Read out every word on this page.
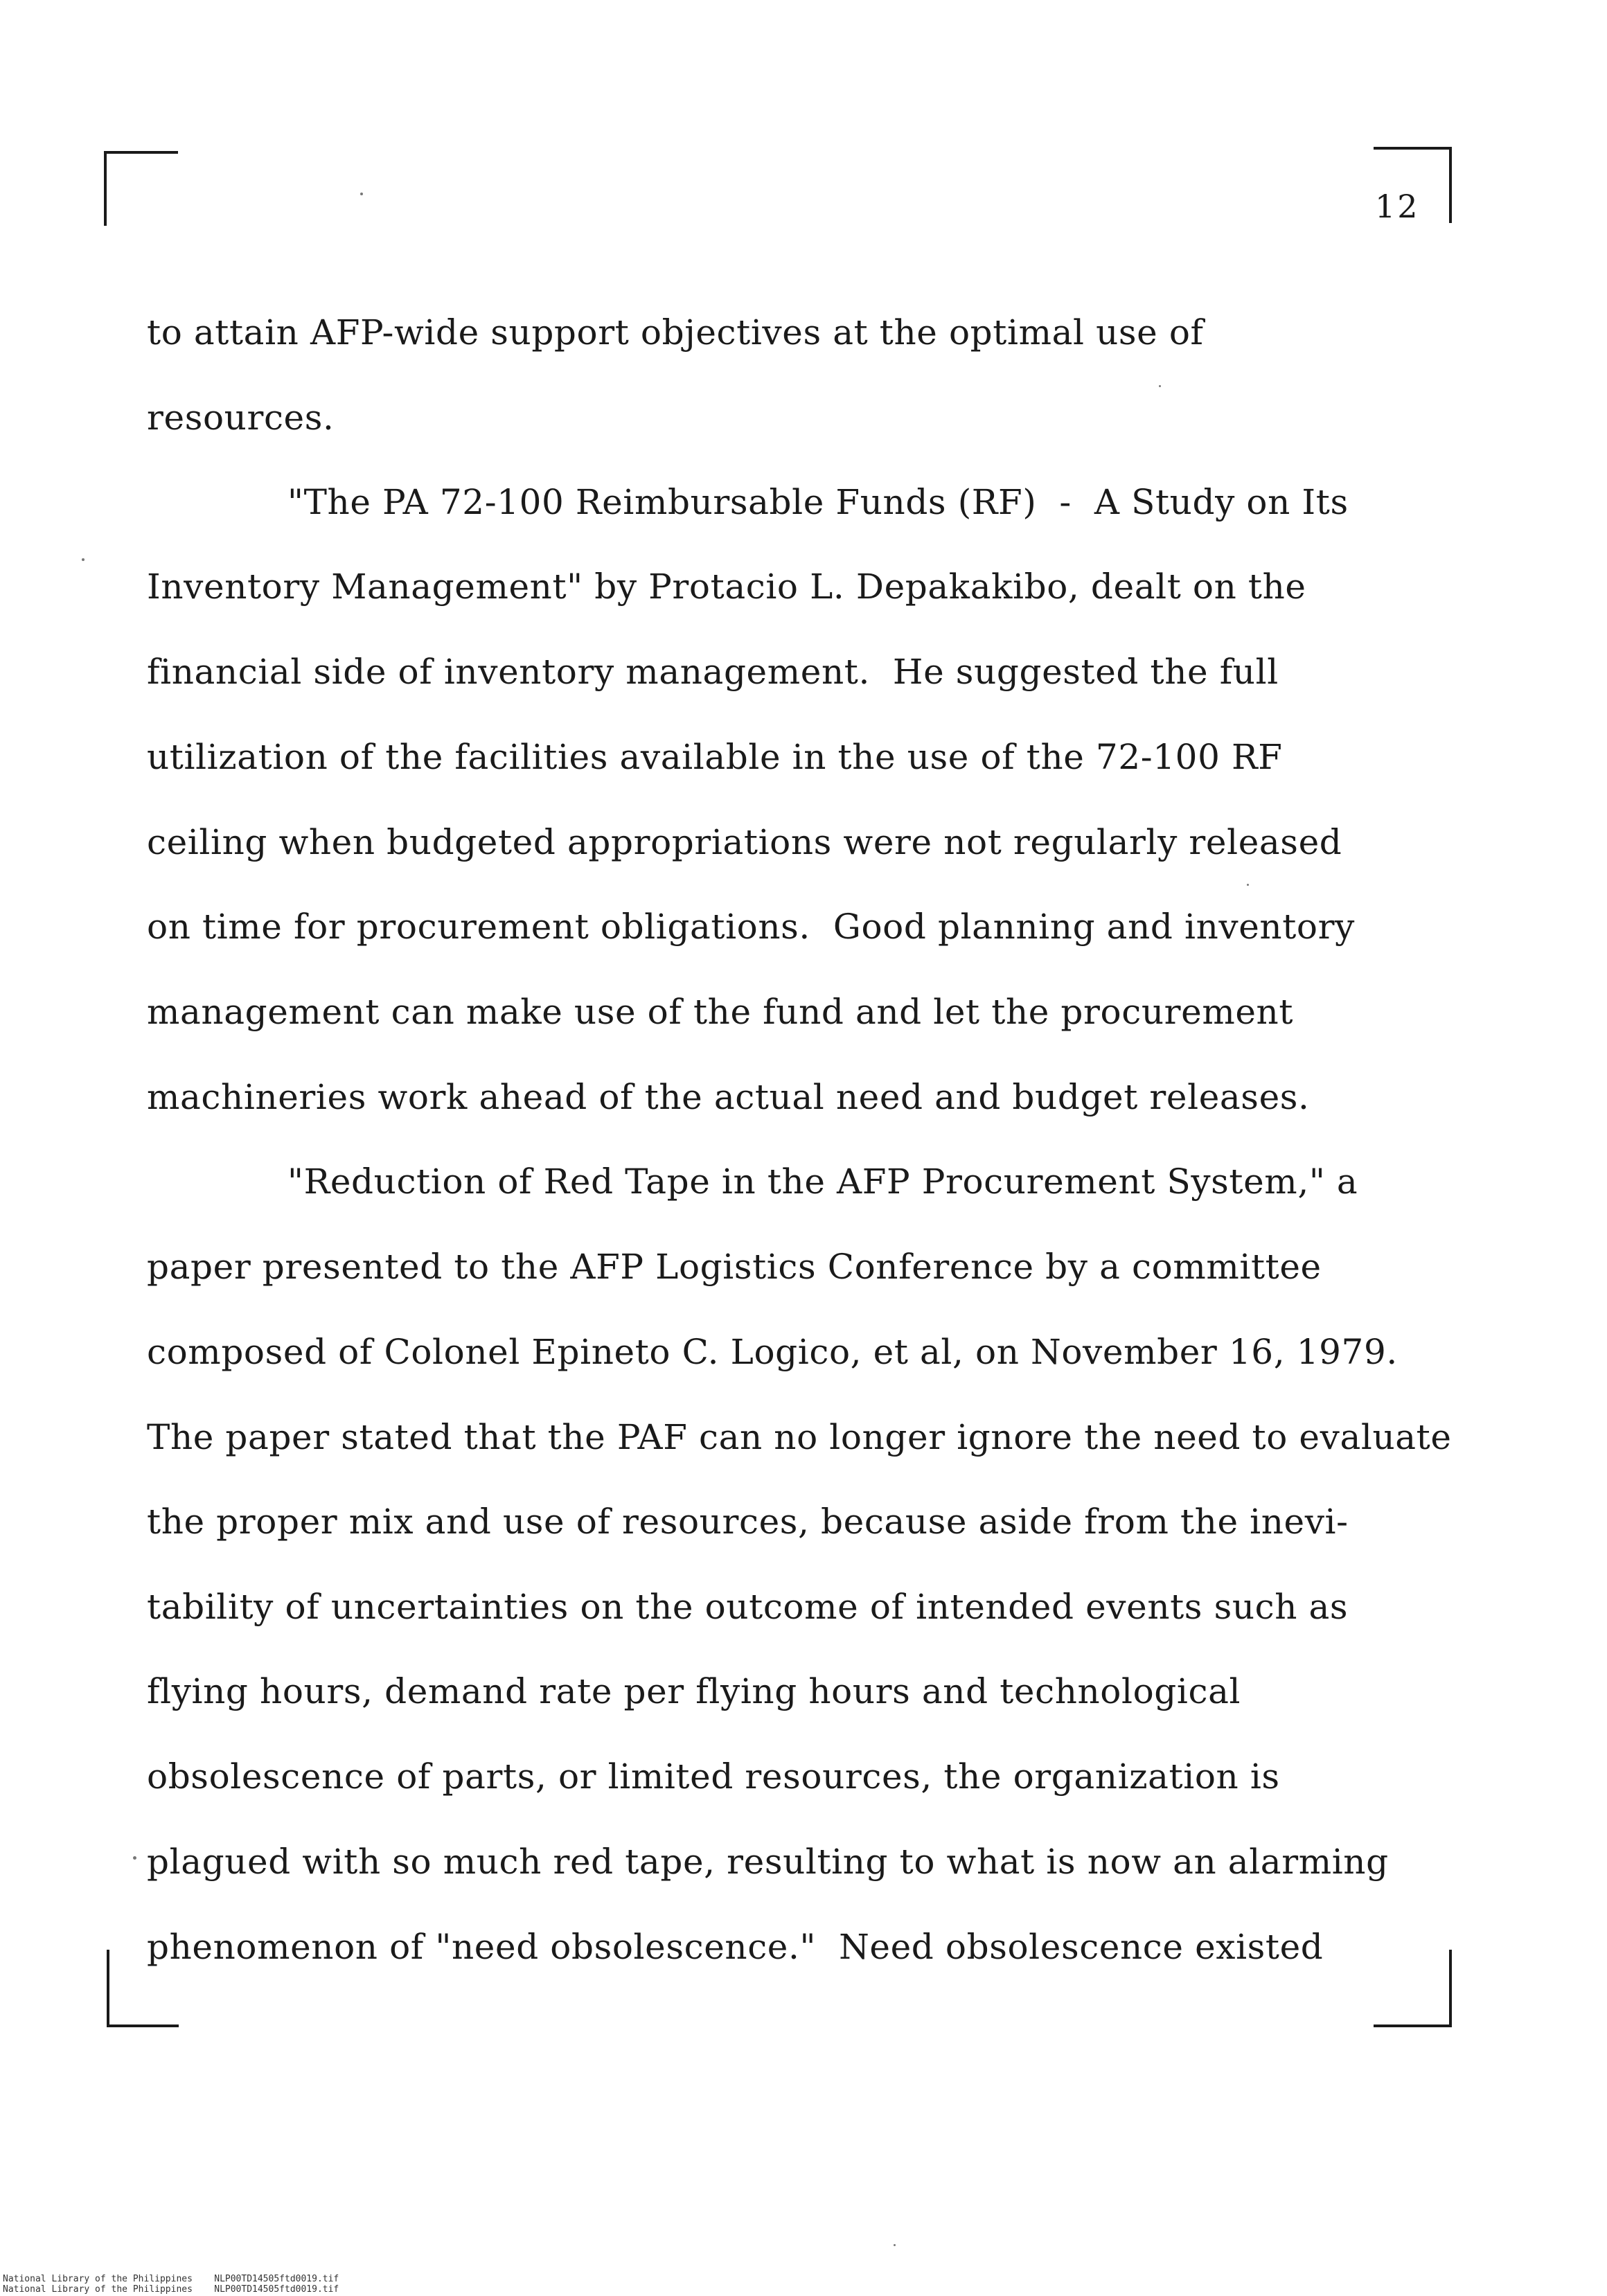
12
to attain AFP-wide support objectives at the optimal use of
resources.
"The PA 72-100 Reimbursable Funds (RF)  -  A Study on Its
Inventory Management" by Protacio L. Depakakibo, dealt on the
financial side of inventory management.  He suggested the full
utilization of the facilities available in the use of the 72-100 RF
ceiling when budgeted appropriations were not regularly released
on time for procurement obligations.  Good planning and inventory
management can make use of the fund and let the procurement
machineries work ahead of the actual need and budget releases.
"Reduction of Red Tape in the AFP Procurement System," a
paper presented to the AFP Logistics Conference by a committee
composed of Colonel Epineto C. Logico, et al, on November 16, 1979.
The paper stated that the PAF can no longer ignore the need to evaluate
the proper mix and use of resources, because aside from the inevi-
tability of uncertainties on the outcome of intended events such as
flying hours, demand rate per flying hours and technological
obsolescence of parts, or limited resources, the organization is
plagued with so much red tape, resulting to what is now an alarming
phenomenon of "need obsolescence."  Need obsolescence existed
National Library of the Philippines    NLP00TD14505ftd0019.tif
National Library of the Philippines    NLP00TD14505ftd0019.tif
